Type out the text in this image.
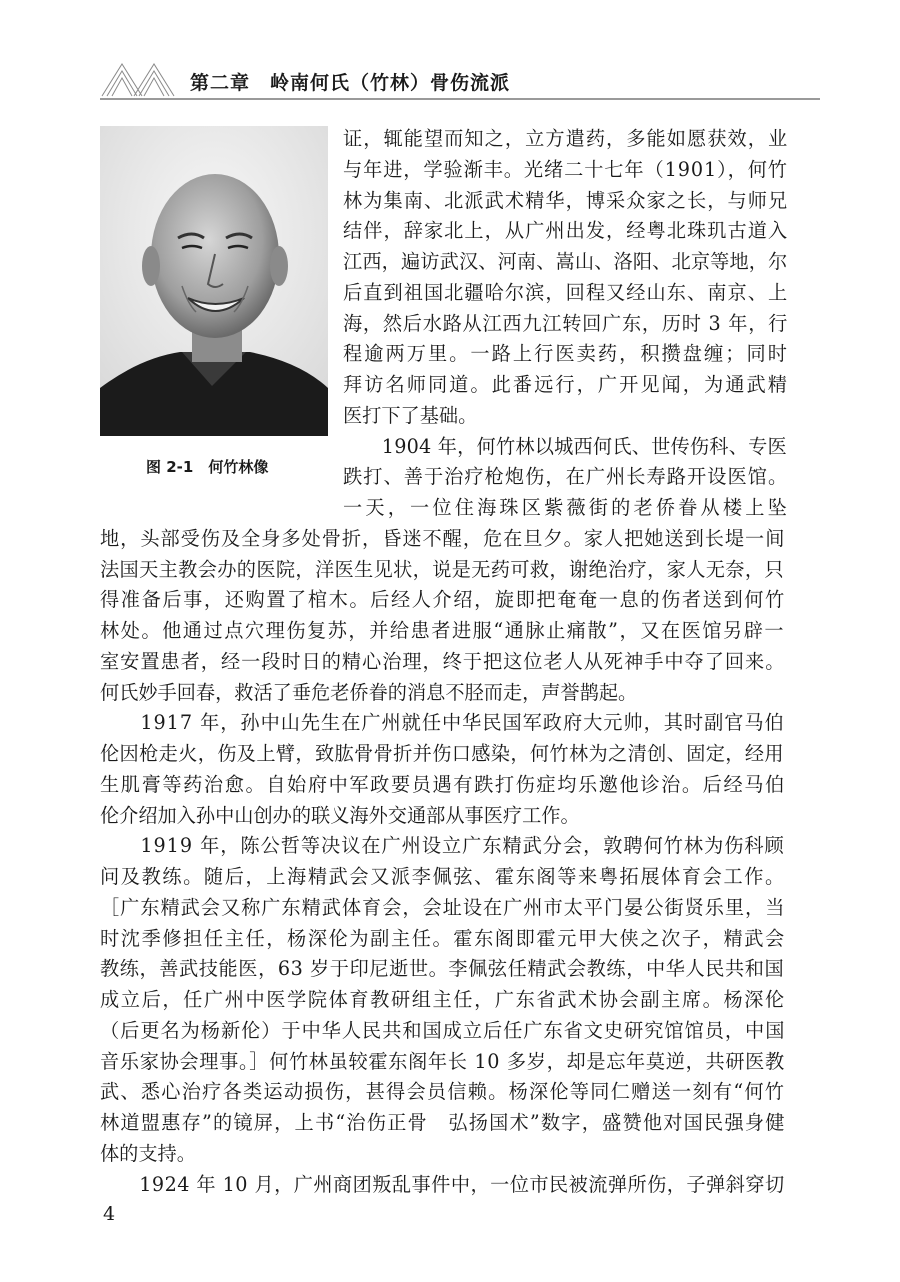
第二章　岭南何氏（竹林）骨伤流派
图 2-1　何竹林像
证，辄能望而知之，立方遣药，多能如愿获效，业
与年进，学验渐丰。光绪二十七年（1901），何竹
林为集南、北派武术精华，博采众家之长，与师兄
结伴，辞家北上，从广州出发，经粤北珠玑古道入
江西，遍访武汉、河南、嵩山、洛阳、北京等地，尔
后直到祖国北疆哈尔滨，回程又经山东、南京、上
海，然后水路从江西九江转回广东，历时 3 年，行
程逾两万里。一路上行医卖药，积攒盘缠；同时
拜访名师同道。此番远行，广开见闻，为通武精
医打下了基础。
　　1904 年，何竹林以城西何氏、世传伤科、专医
跌打、善于治疗枪炮伤，在广州长寿路开设医馆。
一天，一位住海珠区紫薇街的老侨眷从楼上坠
地，头部受伤及全身多处骨折，昏迷不醒，危在旦夕。家人把她送到长堤一间
法国天主教会办的医院，洋医生见状，说是无药可救，谢绝治疗，家人无奈，只
得准备后事，还购置了棺木。后经人介绍，旋即把奄奄一息的伤者送到何竹
林处。他通过点穴理伤复苏，并给患者进服“通脉止痛散”，又在医馆另辟一
室安置患者，经一段时日的精心治理，终于把这位老人从死神手中夺了回来。
何氏妙手回春，救活了垂危老侨眷的消息不胫而走，声誉鹊起。
　　1917 年，孙中山先生在广州就任中华民国军政府大元帅，其时副官马伯
伦因枪走火，伤及上臂，致肱骨骨折并伤口感染，何竹林为之清创、固定，经用
生肌膏等药治愈。自始府中军政要员遇有跌打伤症均乐邀他诊治。后经马伯
伦介绍加入孙中山创办的联义海外交通部从事医疗工作。
　　1919 年，陈公哲等决议在广州设立广东精武分会，敦聘何竹林为伤科顾
问及教练。随后，上海精武会又派李佩弦、霍东阁等来粤拓展体育会工作。
［广东精武会又称广东精武体育会，会址设在广州市太平门晏公街贤乐里，当
时沈季修担任主任，杨深伦为副主任。霍东阁即霍元甲大侠之次子，精武会
教练，善武技能医，63 岁于印尼逝世。李佩弦任精武会教练，中华人民共和国
成立后，任广州中医学院体育教研组主任，广东省武术协会副主席。杨深伦
（后更名为杨新伦）于中华人民共和国成立后任广东省文史研究馆馆员，中国
音乐家协会理事。］何竹林虽较霍东阁年长 10 多岁，却是忘年莫逆，共研医教
武、悉心治疗各类运动损伤，甚得会员信赖。杨深伦等同仁赠送一刻有“何竹
林道盟惠存”的镜屏，上书“治伤正骨　弘扬国术”数字，盛赞他对国民强身健
体的支持。
　　1924 年 10 月，广州商团叛乱事件中，一位市民被流弹所伤，子弹斜穿切
4
